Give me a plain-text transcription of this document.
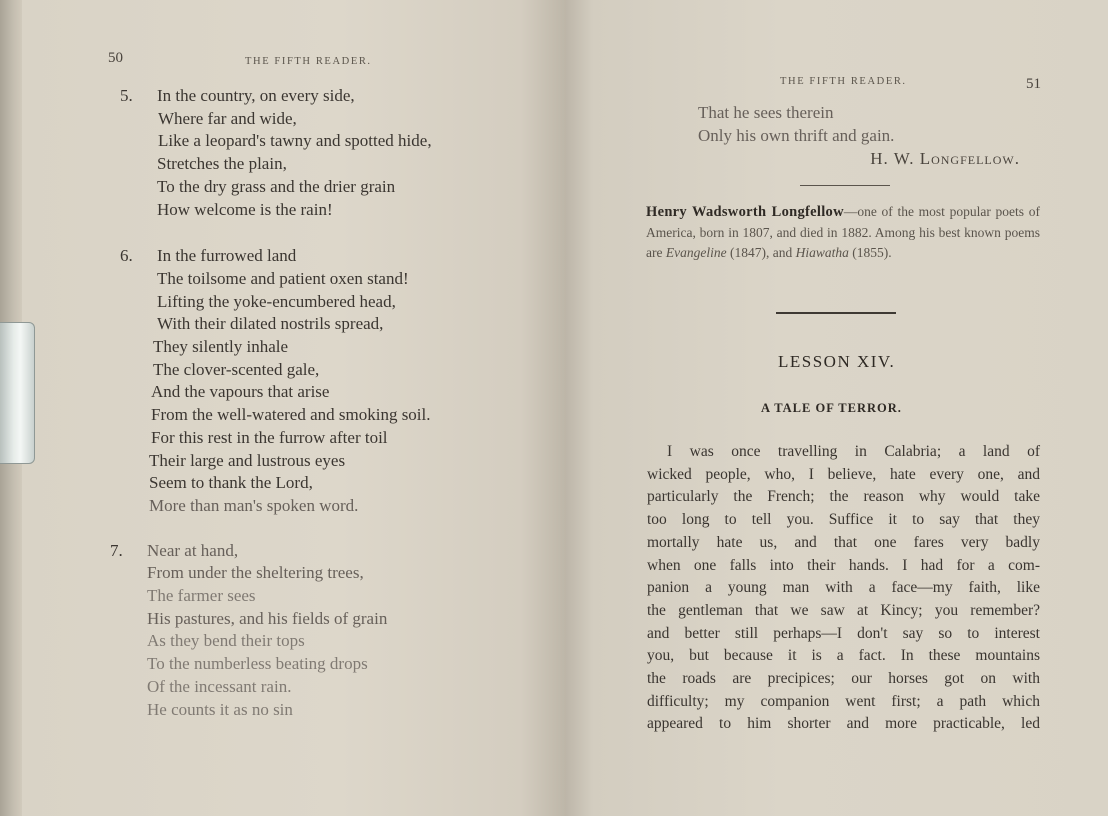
50	THE FIFTH READER.
5. In the country, on every side,
Where far and wide,
Like a leopard's tawny and spotted hide,
Stretches the plain,
To the dry grass and the drier grain
How welcome is the rain!
6. In the furrowed land
The toilsome and patient oxen stand!
Lifting the yoke-encumbered head,
With their dilated nostrils spread,
They silently inhale
The clover-scented gale,
And the vapours that arise
From the well-watered and smoking soil.
For this rest in the furrow after toil
Their large and lustrous eyes
Seem to thank the Lord,
More than man's spoken word.
7. Near at hand,
From under the sheltering trees,
The farmer sees
His pastures, and his fields of grain
As they bend their tops
To the numberless beating drops
Of the incessant rain.
He counts it as no sin
THE FIFTH READER.	51
That he sees therein
Only his own thrift and gain.
H. W. Longfellow.
Henry Wadsworth Longfellow—one of the most popular poets of America, born in 1807, and died in 1882. Among his best known poems are Evangeline (1847), and Hiawatha (1855).
LESSON XIV.
A TALE OF TERROR.
I was once travelling in Calabria; a land of
wicked people, who, I believe, hate every one, and
particularly the French; the reason why would take
too long to tell you. Suffice it to say that they
mortally hate us, and that one fares very badly
when one falls into their hands. I had for a com-
panion a young man with a face—my faith, like
the gentleman that we saw at Kincy; you remember?
and better still perhaps—I don't say so to interest
you, but because it is a fact. In these mountains
the roads are precipices; our horses got on with
difficulty; my companion went first; a path which
appeared to him shorter and more practicable, led
